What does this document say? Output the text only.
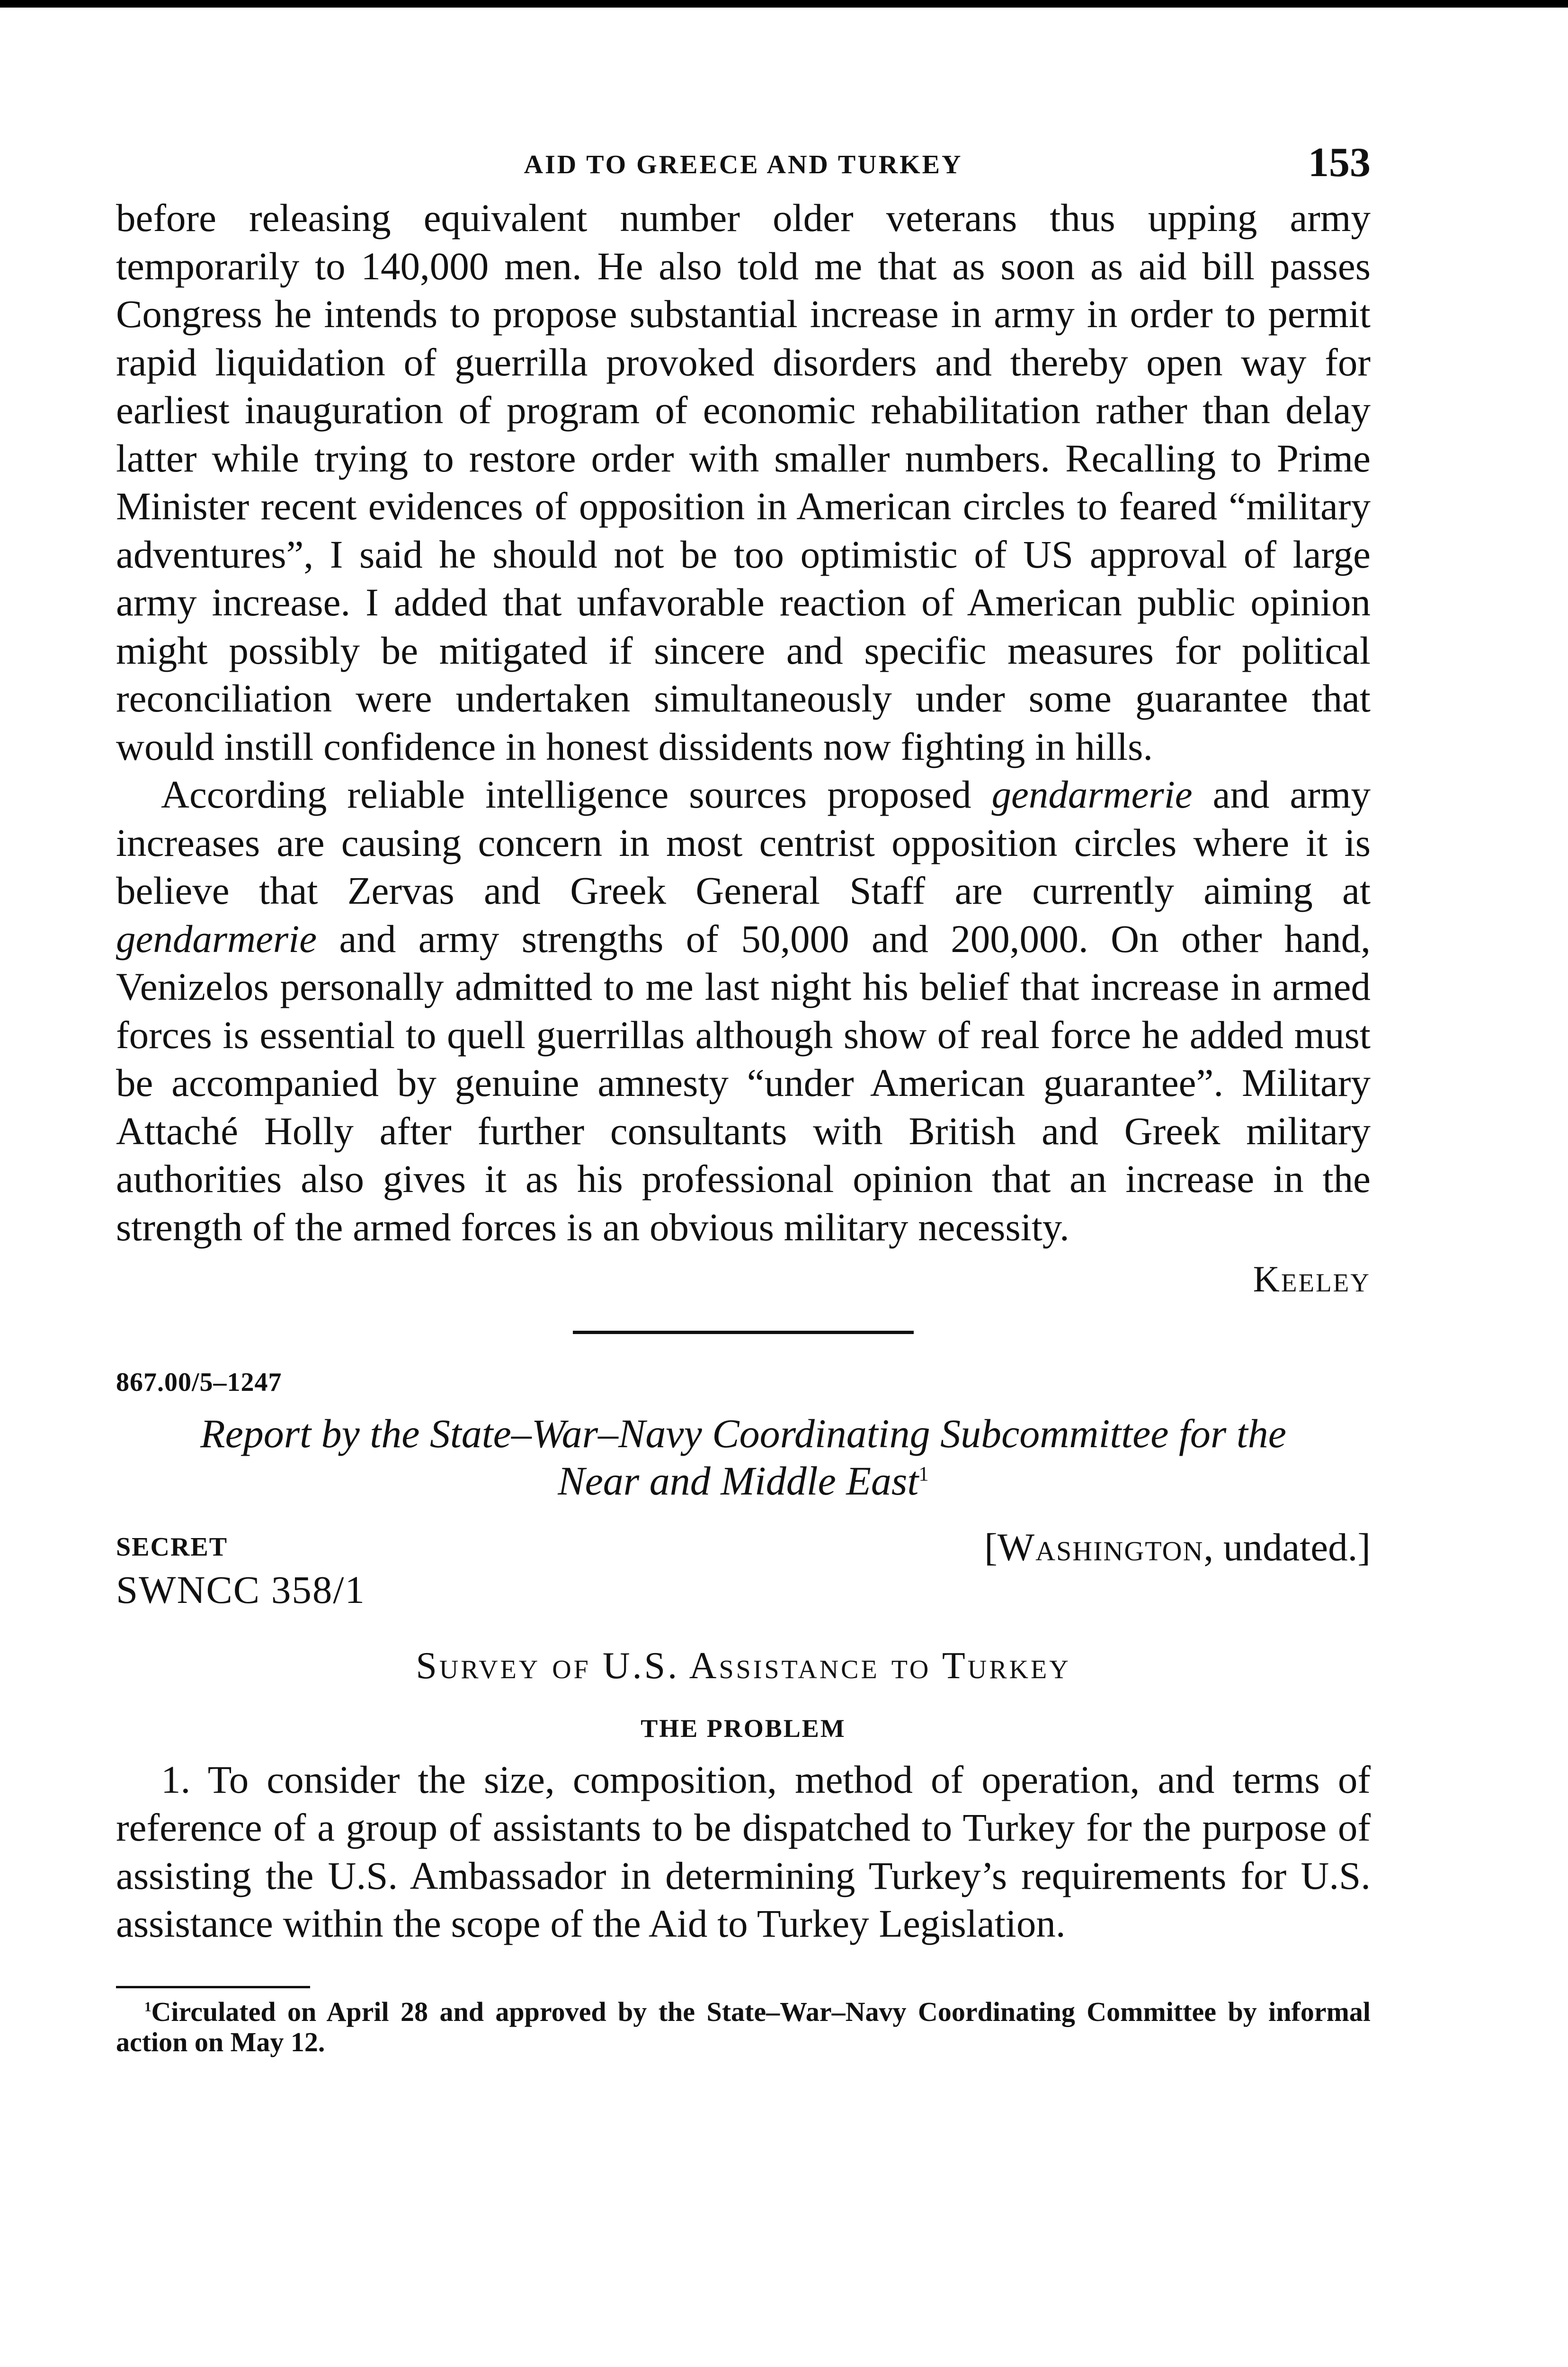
AID TO GREECE AND TURKEY	153

before releasing equivalent number older veterans thus upping army temporarily to 140,000 men. He also told me that as soon as aid bill passes Congress he intends to propose substantial increase in army in order to permit rapid liquidation of guerrilla provoked disorders and thereby open way for earliest inauguration of program of economic rehabilitation rather than delay latter while trying to restore order with smaller numbers. Recalling to Prime Minister recent evidences of opposition in American circles to feared “military adventures”, I said he should not be too optimistic of US approval of large army increase. I added that unfavorable reaction of American public opinion might possibly be mitigated if sincere and specific measures for political reconciliation were undertaken simultaneously under some guarantee that would instill confidence in honest dissidents now fighting in hills.

According reliable intelligence sources proposed gendarmerie and army increases are causing concern in most centrist opposition circles where it is believe that Zervas and Greek General Staff are currently aiming at gendarmerie and army strengths of 50,000 and 200,000. On other hand, Venizelos personally admitted to me last night his belief that increase in armed forces is essential to quell guerrillas although show of real force he added must be accompanied by genuine amnesty “under American guarantee”. Military Attaché Holly after further consultants with British and Greek military authorities also gives it as his professional opinion that an increase in the strength of the armed forces is an obvious military necessity.

Keeley
867.00/5–1247
Report by the State–War–Navy Coordinating Subcommittee for the
Near and Middle East$^1$
SECRET	[Washington, undated.]
SWNCC 358/1
Survey of U.S. Assistance to Turkey
THE PROBLEM

1. To consider the size, composition, method of operation, and terms of reference of a group of assistants to be dispatched to Turkey for the purpose of assisting the U.S. Ambassador in determining Turkey’s requirements for U.S. assistance within the scope of the Aid to Turkey Legislation.

$^1$Circulated on April 28 and approved by the State–War–Navy Coordinating Committee by informal action on May 12.
